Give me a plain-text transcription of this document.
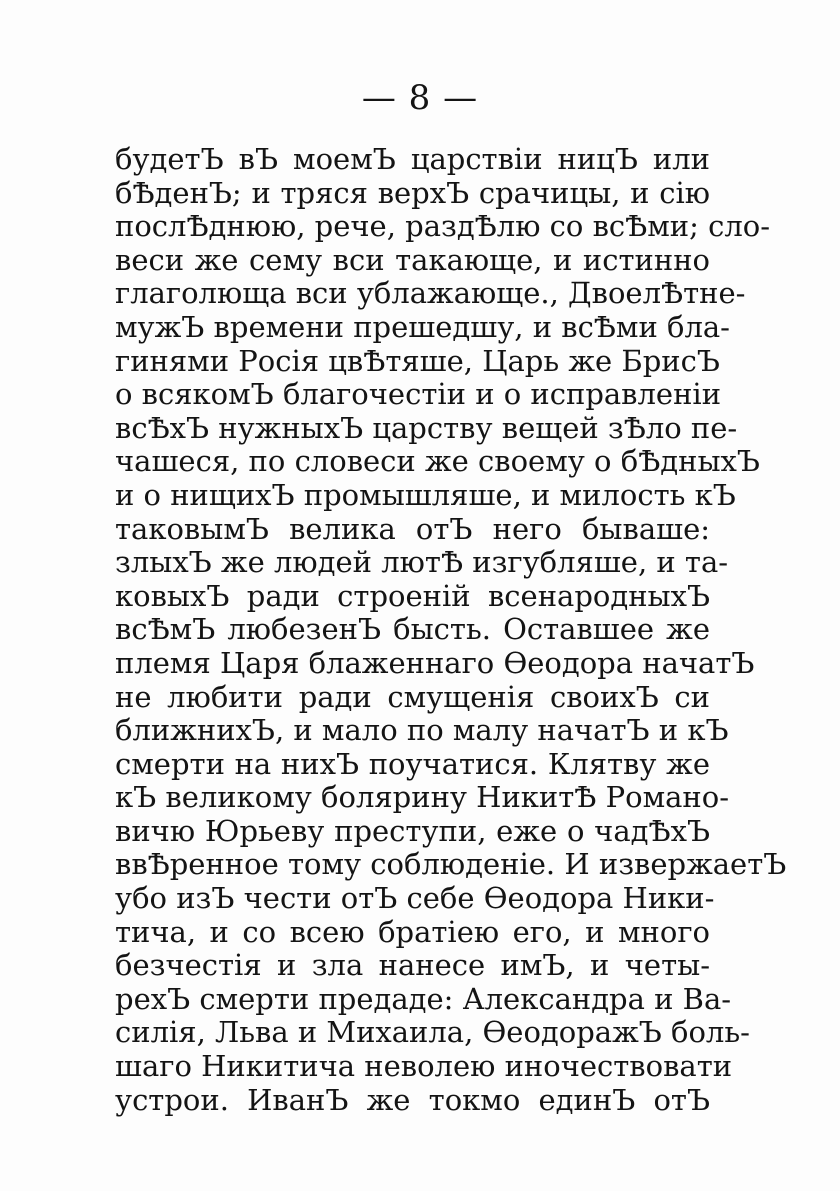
— 8 —
будетЪ вЪ моемЪ царствіи ницЪ или
бѢденЪ; и тряся верхЪ срачицы, и сію
послѢднюю, рече, раздѢлю со всѢми; сло-
веси же сему вси такающе, и истинно
глаголюща вси ублажающе., ДвоелѢтне-
мужЪ времени прешедшу, и всѢми бла-
гинями Росія цвѢтяше, Царь же БрисЪ
о всякомЪ благочестіи и о исправленіи
всѢхЪ нужныхЪ царству вещей зѢло пе-
чашеся, по словеси же своему о бѢдныхЪ
и о нищихЪ промышляше, и милость кЪ
таковымЪ велика отЪ него бываше:
злыхЪ же людей лютѢ изгубляше, и та-
ковыхЪ ради строеній всенародныхЪ
всѢмЪ любезенЪ бысть. Оставшее же
племя Царя блаженнаго Ѳеодора начатЪ
не любити ради смущенія своихЪ си
ближнихЪ, и мало по малу начатЪ и кЪ
смерти на нихЪ поучатися. Клятву же
кЪ великому болярину НикитѢ Романо-
вичю Юрьеву преступи, еже о чадѢхЪ
ввѢренное тому соблюденіе. И извержаетЪ
убо изЪ чести отЪ себе Ѳеодора Ники-
тича, и со всею братіею его, и много
безчестія и зла нанесе имЪ, и четы-
рехЪ смерти предаде: Александра и Ва-
силія, Льва и Михаила, ѲеодоражЪ боль-
шаго Никитича неволею иночествовати
устрои. ИванЪ же токмо единЪ отЪ
